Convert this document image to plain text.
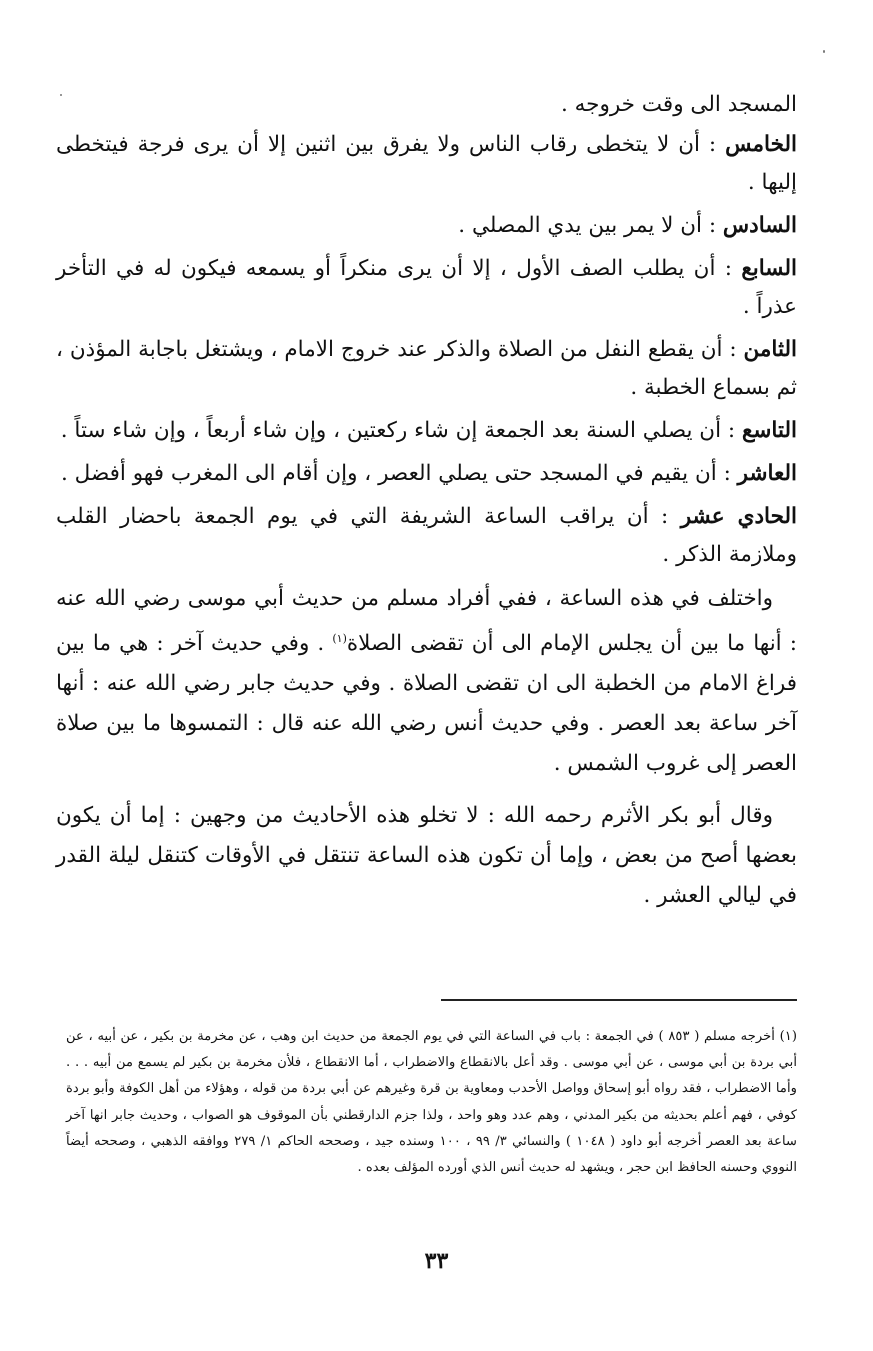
المسجد الى وقت خروجه .

الخامس : أن لا يتخطى رقاب الناس ولا يفرق بين اثنين إلا أن يرى فرجة فيتخطى إليها .

السادس : أن لا يمر بين يدي المصلي .

السابع : أن يطلب الصف الأول ، إلا أن يرى منكراً أو يسمعه فيكون له في التأخر عذراً .

الثامن : أن يقطع النفل من الصلاة والذكر عند خروج الامام ، ويشتغل باجابة المؤذن ، ثم بسماع الخطبة .

التاسع : أن يصلي السنة بعد الجمعة إن شاء ركعتين ، وإن شاء أربعاً ، وإن شاء ستاً .

العاشر : أن يقيم في المسجد حتى يصلي العصر ، وإن أقام الى المغرب فهو أفضل .

الحادي عشر : أن يراقب الساعة الشريفة التي في يوم الجمعة باحضار القلب وملازمة الذكر .

واختلف في هذه الساعة ، ففي أفراد مسلم من حديث أبي موسى رضي الله عنه : أنها ما بين أن يجلس الإمام الى أن تقضى الصلاة$^{(١)}$ . وفي حديث آخر : هي ما بين فراغ الامام من الخطبة الى ان تقضى الصلاة . وفي حديث جابر رضي الله عنه : أنها آخر ساعة بعد العصر . وفي حديث أنس رضي الله عنه قال : التمسوها ما بين صلاة العصر إلى غروب الشمس .

وقال أبو بكر الأثرم رحمه الله : لا تخلو هذه الأحاديث من وجهين : إما أن يكون بعضها أصح من بعض ، وإما أن تكون هذه الساعة تنتقل في الأوقات كتنقل ليلة القدر في ليالي العشر .

(١) أخرجه مسلم ( ٨٥٣ ) في الجمعة : باب في الساعة التي في يوم الجمعة من حديث ابن وهب ، عن مخرمة بن بكير ، عن أبيه ، عن أبي بردة بن أبي موسى ، عن أبي موسى . وقد أعل بالانقطاع والاضطراب ، أما الانقطاع ، فلأن مخرمة بن بكير لم يسمع من أبيه . . . وأما الاضطراب ، فقد رواه أبو إسحاق وواصل الأحدب ومعاوية بن قرة وغيرهم عن أبي بردة من قوله ، وهؤلاء من أهل الكوفة وأبو بردة كوفي ، فهم أعلم بحديثه من بكير المدني ، وهم عدد وهو واحد ، ولذا جزم الدارقطني بأن الموقوف هو الصواب ، وحديث جابر انها آخر ساعة بعد العصر أخرجه أبو داود ( ١٠٤٨ ) والنسائي ٣/ ٩٩ ، ١٠٠ وسنده جيد ، وصححه الحاكم ١/ ٢٧٩ ووافقه الذهبي ، وصححه أيضاً النووي وحسنه الحافظ ابن حجر ، ويشهد له حديث أنس الذي أورده المؤلف بعده .

٣٣
